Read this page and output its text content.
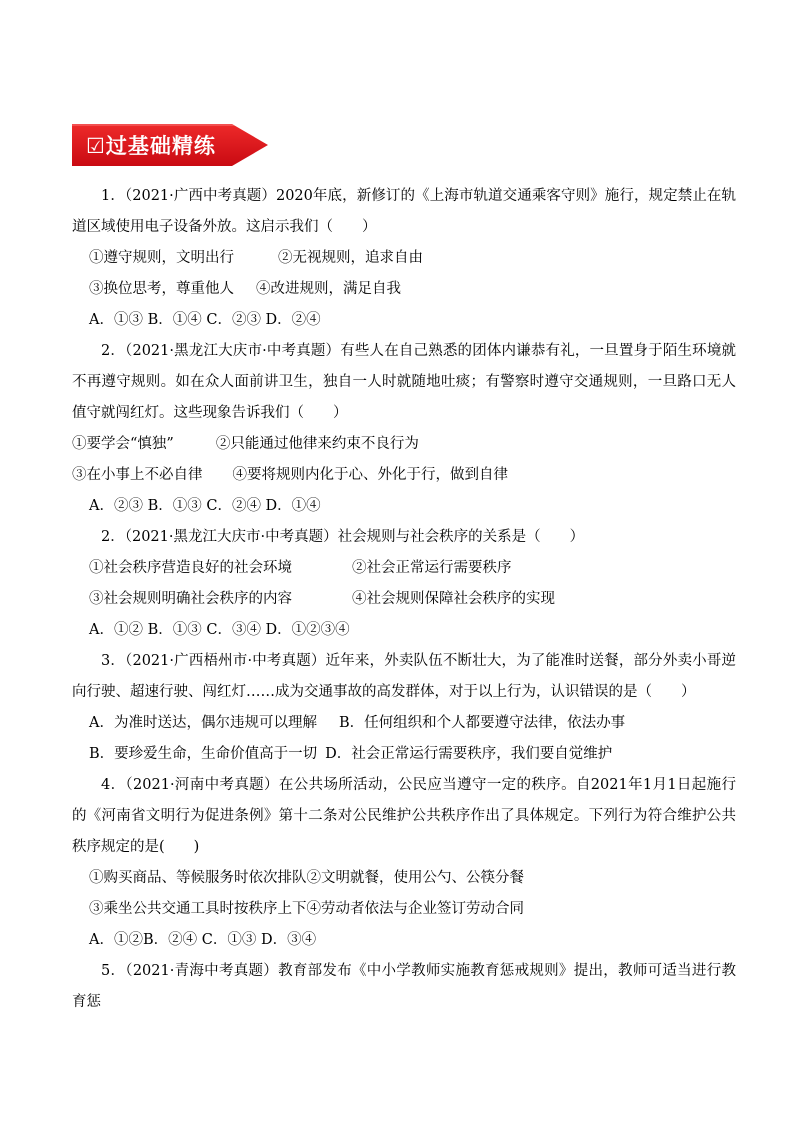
☑过基础精练

1．（2021·广西中考真题）2020年底，新修订的《上海市轨道交通乘客守则》施行，规定禁止在轨道区域使用电子设备外放。这启示我们（　　）

①遵守规则，文明出行	②无视规则，追求自由

③换位思考，尊重他人 ④改进规则，满足自我

A．①③ B．①④ C．②③ D．②④

2．（2021·黑龙江大庆市·中考真题）有些人在自己熟悉的团体内谦恭有礼，一旦置身于陌生环境就不再遵守规则。如在众人面前讲卫生，独自一人时就随地吐痰；有警察时遵守交通规则，一旦路口无人值守就闯红灯。这些现象告诉我们（　　）

①要学会“慎独”	②只能通过他律来约束不良行为

③在小事上不必自律 ④要将规则内化于心、外化于行，做到自律

A．②③ B．①③ C．②④ D．①④

2．（2021·黑龙江大庆市·中考真题）社会规则与社会秩序的关系是（　　）

①社会秩序营造良好的社会环境	②社会正常运行需要秩序

③社会规则明确社会秩序的内容	④社会规则保障社会秩序的实现

A．①② B．①③ C．③④ D．①②③④

3．（2021·广西梧州市·中考真题）近年来，外卖队伍不断壮大，为了能准时送餐，部分外卖小哥逆向行驶、超速行驶、闯红灯……成为交通事故的高发群体，对于以上行为，认识错误的是（　　）

A．为准时送达，偶尔违规可以理解 B．任何组织和个人都要遵守法律，依法办事

B．要珍爱生命，生命价值高于一切 D．社会正常运行需要秩序，我们要自觉维护

4．（2021·河南中考真题）在公共场所活动，公民应当遵守一定的秩序。自2021年1月1日起施行的《河南省文明行为促进条例》第十二条对公民维护公共秩序作出了具体规定。下列行为符合维护公共秩序规定的是(　　)

①购买商品、等候服务时依次排队②文明就餐，使用公勺、公筷分餐

③乘坐公共交通工具时按秩序上下④劳动者依法与企业签订劳动合同

A．①②B．②④ C．①③ D．③④

5．（2021·青海中考真题）教育部发布《中小学教师实施教育惩戒规则》提出，教师可适当进行教育惩
